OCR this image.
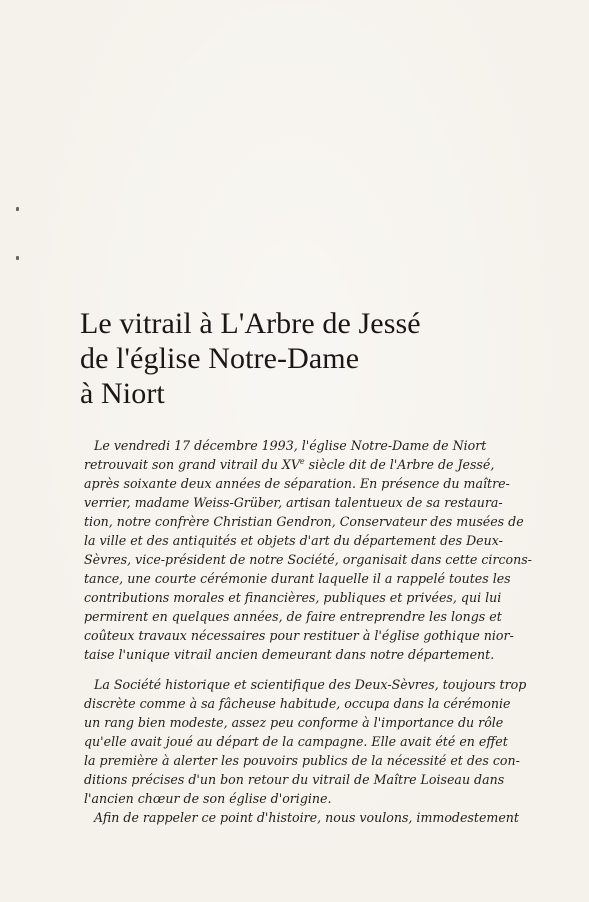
Le vitrail à L'Arbre de Jessé
de l'église Notre-Dame
à Niort
Le vendredi 17 décembre 1993, l'église Notre-Dame de Niort
retrouvait son grand vitrail du XVe siècle dit de l'Arbre de Jessé,
après soixante deux années de séparation. En présence du maître-
verrier, madame Weiss-Grüber, artisan talentueux de sa restaura-
tion, notre confrère Christian Gendron, Conservateur des musées de
la ville et des antiquités et objets d'art du département des Deux-
Sèvres, vice-président de notre Société, organisait dans cette circons-
tance, une courte cérémonie durant laquelle il a rappelé toutes les
contributions morales et financières, publiques et privées, qui lui
permirent en quelques années, de faire entreprendre les longs et
coûteux travaux nécessaires pour restituer à l'église gothique nior-
taise l'unique vitrail ancien demeurant dans notre département.
La Société historique et scientifique des Deux-Sèvres, toujours trop
discrète comme à sa fâcheuse habitude, occupa dans la cérémonie
un rang bien modeste, assez peu conforme à l'importance du rôle
qu'elle avait joué au départ de la campagne. Elle avait été en effet
la première à alerter les pouvoirs publics de la nécessité et des con-
ditions précises d'un bon retour du vitrail de Maître Loiseau dans
l'ancien chœur de son église d'origine.
Afin de rappeler ce point d'histoire, nous voulons, immodestement
